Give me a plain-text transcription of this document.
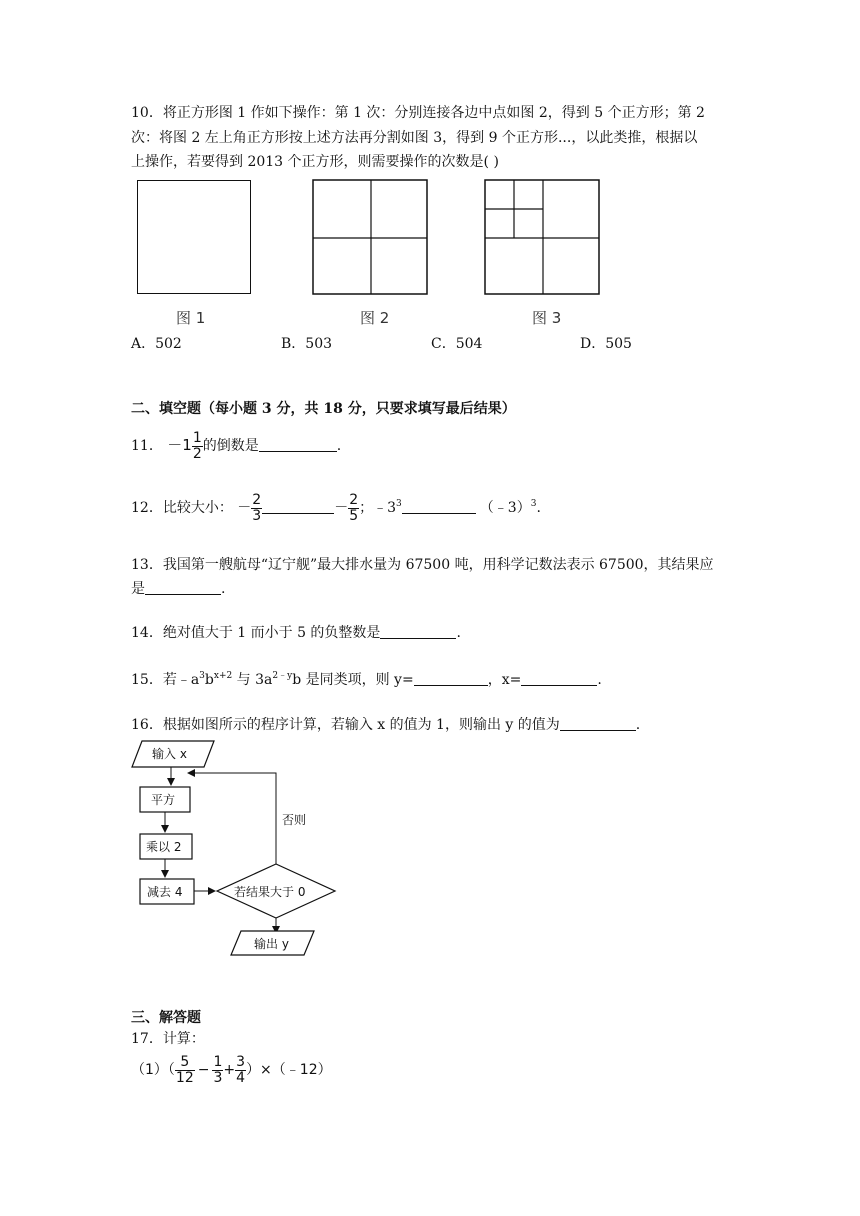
10．将正方形图 1 作如下操作：第 1 次：分别连接各边中点如图 2，得到 5 个正方形；第 2
次：将图 2 左上角正方形按上述方法再分割如图 3，得到 9 个正方形...，以此类推，根据以
上操作，若要得到 2013 个正方形，则需要操作的次数是( )
图 1	图 2	图 3
A．502	B．503	C．504	D．505
二、填空题（每小题 3 分，共 18 分，只要求填写最后结果）
11． $-1 \frac{1}{2}$ 的倒数是	.
12．比较大小： － $\frac{2}{3}$	－ $\frac{2}{5}$ ；$﹣3^3$	（﹣3）$^3$.
13．我国第一艘航母“辽宁舰”最大排水量为 67500 吨，用科学记数法表示 67500，其结果应
是	.
14．绝对值大于 1 而小于 5 的负整数是	.
15．若$﹣a^3b^{x+2}$ 与 $3a^{2﹣y}b$ 是同类项，则 y=	，x=	.
16．根据如图所示的程序计算，若输入 x 的值为 1，则输出 y 的值为	.
输入 x
平方
乘以 2
减去 4	若结果大于 0
否则
输出 y
三、解答题
17．计算：
$(1)( \frac{5}{12} - \frac{1}{3} + \frac{3}{4}$ ）×（﹣12）
